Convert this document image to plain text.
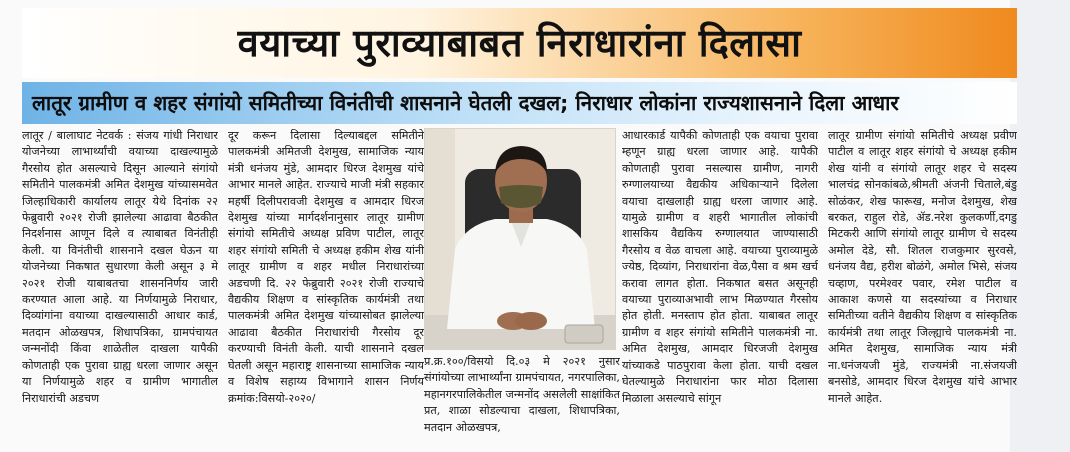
वयाच्या पुराव्याबाबत निराधारांना दिलासा
लातूर ग्रामीण व शहर संगांयो समितीच्या विनंतीची शासनाने घेतली दखल; निराधार लोकांना राज्यशासनाने दिला आधार

लातूर / बालाघाट नेटवर्क : संजय गांधी निराधार योजनेच्या लाभार्थ्यांची वयाच्या दाखल्यामुळे गैरसोय होत असल्याचे दिसून आल्याने संगांयो समितीने पालकमंत्री अमित देशमुख यांच्यासमवेत जिल्हाधिकारी कार्यालय लातूर येथे दिनांक २२ फेब्रुवारी २०२१ रोजी झालेल्या आढावा बैठकीत निदर्शनास आणून दिले व त्याबाबत विनंतीही केली. या विनंतीची शासनाने दखल घेऊन या योजनेच्या निकषात सुधारणा केली असून ३ मे २०२१ रोजी याबाबतचा शासननिर्णय जारी करण्यात आला आहे. या निर्णयामुळे निराधार, दिव्यांगांना वयाच्या दाखल्यासाठी आधार कार्ड, मतदान ओळखपत्र, शिधापत्रिका, ग्रामपंचायत जन्मनोंदी किंवा शाळेतील दाखला यापैकी कोणताही एक पुरावा ग्राह्य धरला जाणार असून या निर्णयामुळे शहर व ग्रामीण भागातील निराधारांची अडचण

दूर करून दिलासा दिल्याबद्दल समितीने पालकमंत्री अमितजी देशमुख, सामाजिक न्याय मंत्री धनंजय मुंडे, आमदार धिरज देशमुख यांचे आभार मानले आहेत. राज्याचे माजी मंत्री सहकार महर्षी दिलीपरावजी देशमुख व आमदार धिरज देशमुख यांच्या मार्गदर्शनानुसार लातूर ग्रामीण संगांयो समितीचे अध्यक्ष प्रविण पाटील, लातूर शहर संगांयो समिती चे अध्यक्ष हकीम शेख यांनी लातूर ग्रामीण व शहर मधील निराधारांच्या अडचणी दि. २२ फेब्रुवारी २०२१ रोजी राज्याचे वैद्यकीय शिक्षण व सांस्कृतिक कार्यमंत्री तथा पालकमंत्री अमित देशमुख यांच्यासोबत झालेल्या आढावा बैठकीत निराधारांची गैरसोय दूर करण्याची विनंती केली. याची शासनाने दखल घेतली असून महाराष्ट्र शासनाच्या सामाजिक न्याय व विशेष सहाय्य विभागाने शासन निर्णय क्रमांक:विसयो-२०२०/

प्र.क्र.१००/विसयो दि.०३ मे २०२१ नुसार संगांयोच्या लाभार्थ्यांना ग्रामपंचायत, नगरपालिका, महानगरपालिकेतील जन्मनोंद असलेली साक्षांकित प्रत, शाळा सोडल्याचा दाखला, शिधापत्रिका, मतदान ओळखपत्र,

आधारकार्ड यापैकी कोणताही एक वयाचा पुरावा म्हणून ग्राह्य धरला जाणार आहे. यापैकी कोणताही पुरावा नसल्यास ग्रामीण, नागरी रुग्णालयाच्या वैद्यकीय अधिकाऱ्याने दिलेला वयाचा दाखलाही ग्राह्य धरला जाणार आहे. यामुळे ग्रामीण व शहरी भागातील लोकांची शासकिय वैद्यकिय रुग्णालयात जाण्यासाठी गैरसोय व वेळ वाचला आहे. वयाच्या पुराव्यामुळे ज्येष्ठ, दिव्यांग, निराधारांना वेळ,पैसा व श्रम खर्च करावा लागत होता. निकषात बसत असूनही वयाच्या पुराव्याअभावी लाभ मिळण्यात गैरसोय होत होती. मनस्ताप होत होता. याबाबत लातूर ग्रामीण व शहर संगांयो समितीने पालकमंत्री ना. अमित देशमुख, आमदार धिरजजी देशमुख यांच्याकडे पाठपुरावा केला होता. याची दखल घेतल्यामुळे निराधारांना फार मोठा दिलासा मिळाला असल्याचे सांगून

लातूर ग्रामीण संगांयो समितीचे अध्यक्ष प्रवीण पाटील व लातूर शहर संगांयो चे अध्यक्ष हकीम शेख यांनी व संगांयो लातूर शहर चे सदस्य भालचंद्र सोनकांबळे,श्रीमती अंजनी चिताले,बंडु सोळंकर, शेख फारूख, मनोज देशमुख, शेख बरकत, राहुल रोडे, ॲड.नरेश कुलकर्णी,दगडु मिटकरी आणि संगांयो लातूर ग्रामीण चे सदस्य अमोल देडे, सौ. शितल राजकुमार सुरवसे, धनंजय वैद्य, हरीश बोळंगे, अमोल भिसे, संजय चव्हाण, परमेश्वर पवार, रमेश पाटील व आकाश कणसे या सदस्यांच्या व निराधार समितीच्या वतीने वैद्यकीय शिक्षण व सांस्कृतिक कार्यमंत्री तथा लातूर जिल्ह्याचे पालकमंत्री ना. अमित देशमुख, सामाजिक न्याय मंत्री ना.धनंजयजी मुंडे, राज्यमंत्री ना.संजयजी बनसोडे, आमदार धिरज देशमुख यांचे आभार मानले आहेत.
